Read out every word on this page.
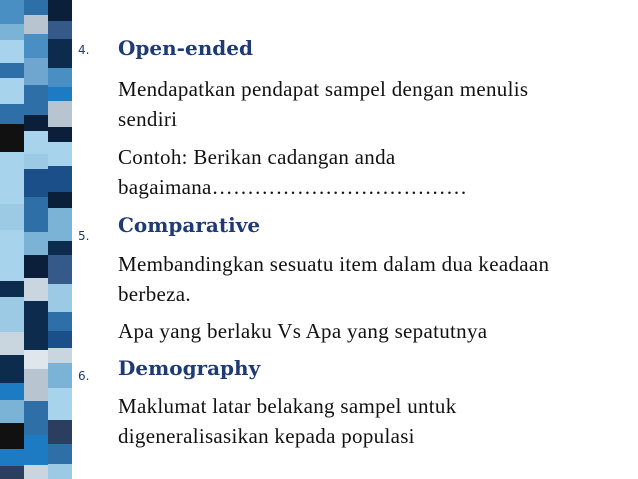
4. Open-ended
Mendapatkan pendapat sampel dengan menulis
sendiri
Contoh: Berikan cadangan anda
bagaimana………………………………
5. Comparative
Membandingkan sesuatu item dalam dua keadaan
berbeza.
Apa yang berlaku Vs Apa yang sepatutnya
6. Demography
Maklumat latar belakang sampel untuk
digeneralisasikan kepada populasi
